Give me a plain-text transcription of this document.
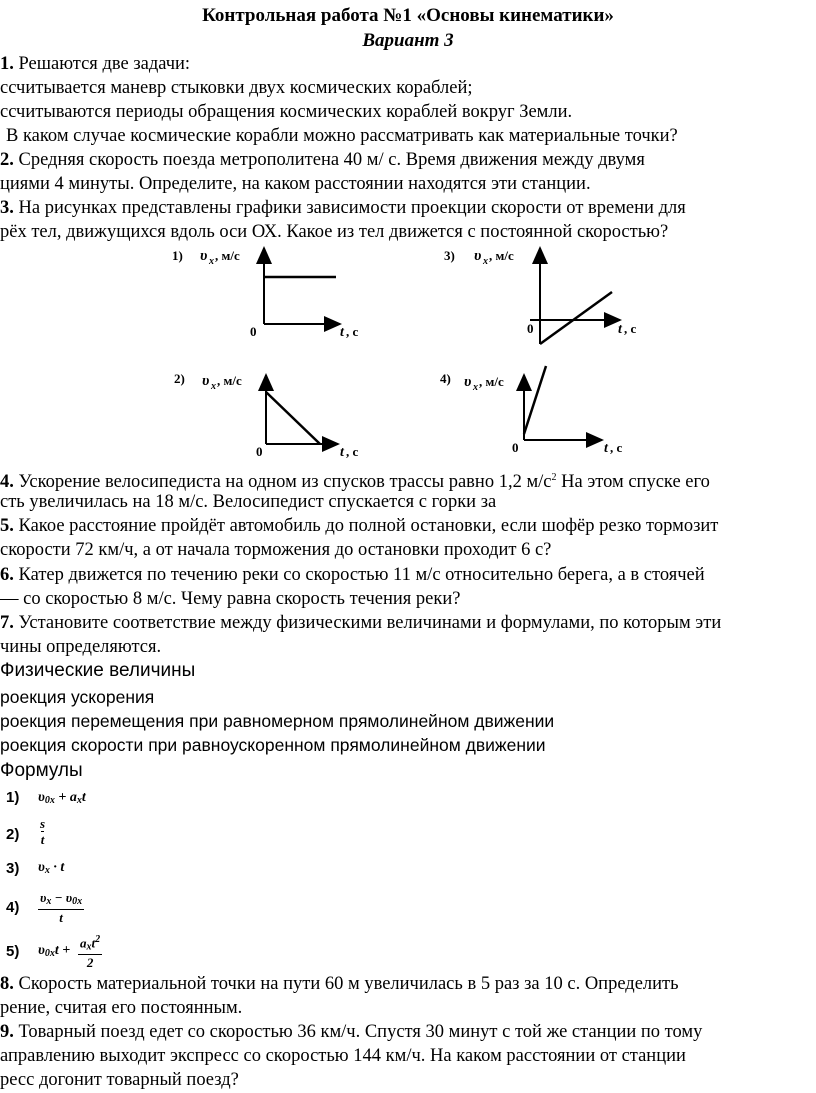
Контрольная работа №1 «Основы кинематики»
Вариант 3
1. Решаются две задачи:
ссчитывается маневр стыковки двух космических кораблей;
ссчитываются периоды обращения космических кораблей вокруг Земли.
В каком случае космические корабли можно рассматривать как материальные точки?
2. Средняя скорость поезда метрополитена 40 м/ с. Время движения между двумя
циями 4 минуты. Определите, на каком расстоянии находятся эти станции.
3. На рисунках представлены графики зависимости проекции скорости от времени для
рёх тел, движущихся вдоль оси ОХ. Какое из тел движется с постоянной скоростью?
1) υ x , м/с
0	t , с
3) υ x , м/с
0	t , с
2) υ x , м/с
0	t , с
4) υ x , м/с
0	t , с
4. Ускорение велосипедиста на одном из спусков трассы равно 1,2 $м/с^2$ На этом спуске его
сть увеличилась на 18 м/с. Велосипедист спускается с горки за
5. Какое расстояние пройдёт автомобиль до полной остановки, если шофёр резко тормозит
скорости 72 км/ч, а от начала торможения до остановки проходит 6 с?
6. Катер движется по течению реки со скоростью 11 м/с относительно берега, а в стоячей
— со скоростью 8 м/с. Чему равна скорость течения реки?
7. Установите соответствие между физическими величинами и формулами, по которым эти
чины определяются.
Физические величины
роекция ускорения
роекция перемещения при равномерном прямолинейном движении
роекция скорости при равноускоренном прямолинейном движении
Формулы
1) $\upsilon_{0x} + a_xt$
$2) \frac{s}{t}$
3) $\upsilon_x \cdot t$
$4) \frac{\upsilon_x - \upsilon_{0x}}{t}$
5) $\upsilon_{0x}t$ +
$a_xt^2$
2
8. Скорость материальной точки на пути 60 м увеличилась в 5 раз за 10 с. Определить
рение, считая его постоянным.
9. Товарный поезд едет со скоростью 36 км/ч. Спустя 30 минут с той же станции по тому
аправлению выходит экспресс со скоростью 144 км/ч. На каком расстоянии от станции
ресс догонит товарный поезд?
